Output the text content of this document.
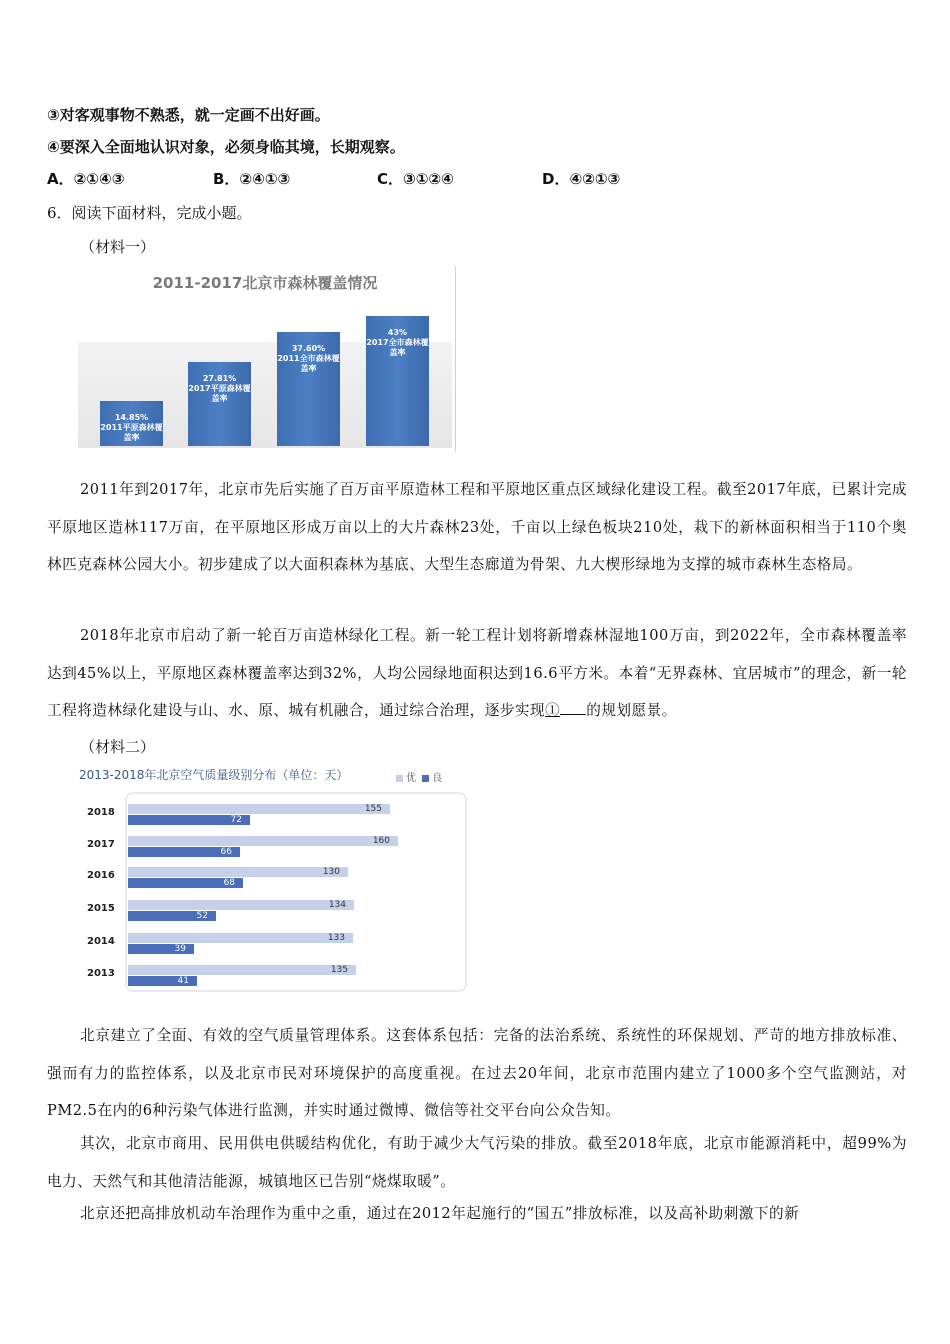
③对客观事物不熟悉，就一定画不出好画。
④要深入全面地认识对象，必须身临其境，长期观察。
A．②①④③	B．②④①③	C．③①②④	D．④②①③
6．阅读下面材料，完成小题。
（材料一）
2011-2017北京市森林覆盖情况
14.85%
2011平原森林覆盖率
27.81%
2017平原森林覆盖率
37.60%
2011全市森林覆盖率
43%
2017全市森林覆盖率
2011年到2017年，北京市先后实施了百万亩平原造林工程和平原地区重点区域绿化建设工程。截至2017年底，已累计完成平原地区造林117万亩，在平原地区形成万亩以上的大片森林23处，千亩以上绿色板块210处，栽下的新林面积相当于110个奥林匹克森林公园大小。初步建成了以大面积森林为基底、大型生态廊道为骨架、九大楔形绿地为支撑的城市森林生态格局。
2018年北京市启动了新一轮百万亩造林绿化工程。新一轮工程计划将新增森林湿地100万亩，到2022年，全市森林覆盖率达到45%以上，平原地区森林覆盖率达到32%，人均公园绿地面积达到16.6平方米。本着“无界森林、宜居城市”的理念，新一轮工程将造林绿化建设与山、水、原、城有机融合，通过综合治理，逐步实现① 的规划愿景。
（材料二）
2013-2018年北京空气质量级别分布（单位：天）	优 良
2018	155
72
2017	160
66
2016	130
68
2015	134
52
2014	133
39
2013	135
41
北京建立了全面、有效的空气质量管理体系。这套体系包括：完备的法治系统、系统性的环保规划、严苛的地方排放标准、强而有力的监控体系，以及北京市民对环境保护的高度重视。在过去20年间，北京市范围内建立了1000多个空气监测站，对PM2.5在内的6种污染气体进行监测，并实时通过微博、微信等社交平台向公众告知。
其次，北京市商用、民用供电供暖结构优化，有助于减少大气污染的排放。截至2018年底，北京市能源消耗中，超99%为电力、天然气和其他清洁能源，城镇地区已告别“烧煤取暖”。
北京还把高排放机动车治理作为重中之重，通过在2012年起施行的“国五”排放标准，以及高补助刺激下的新
